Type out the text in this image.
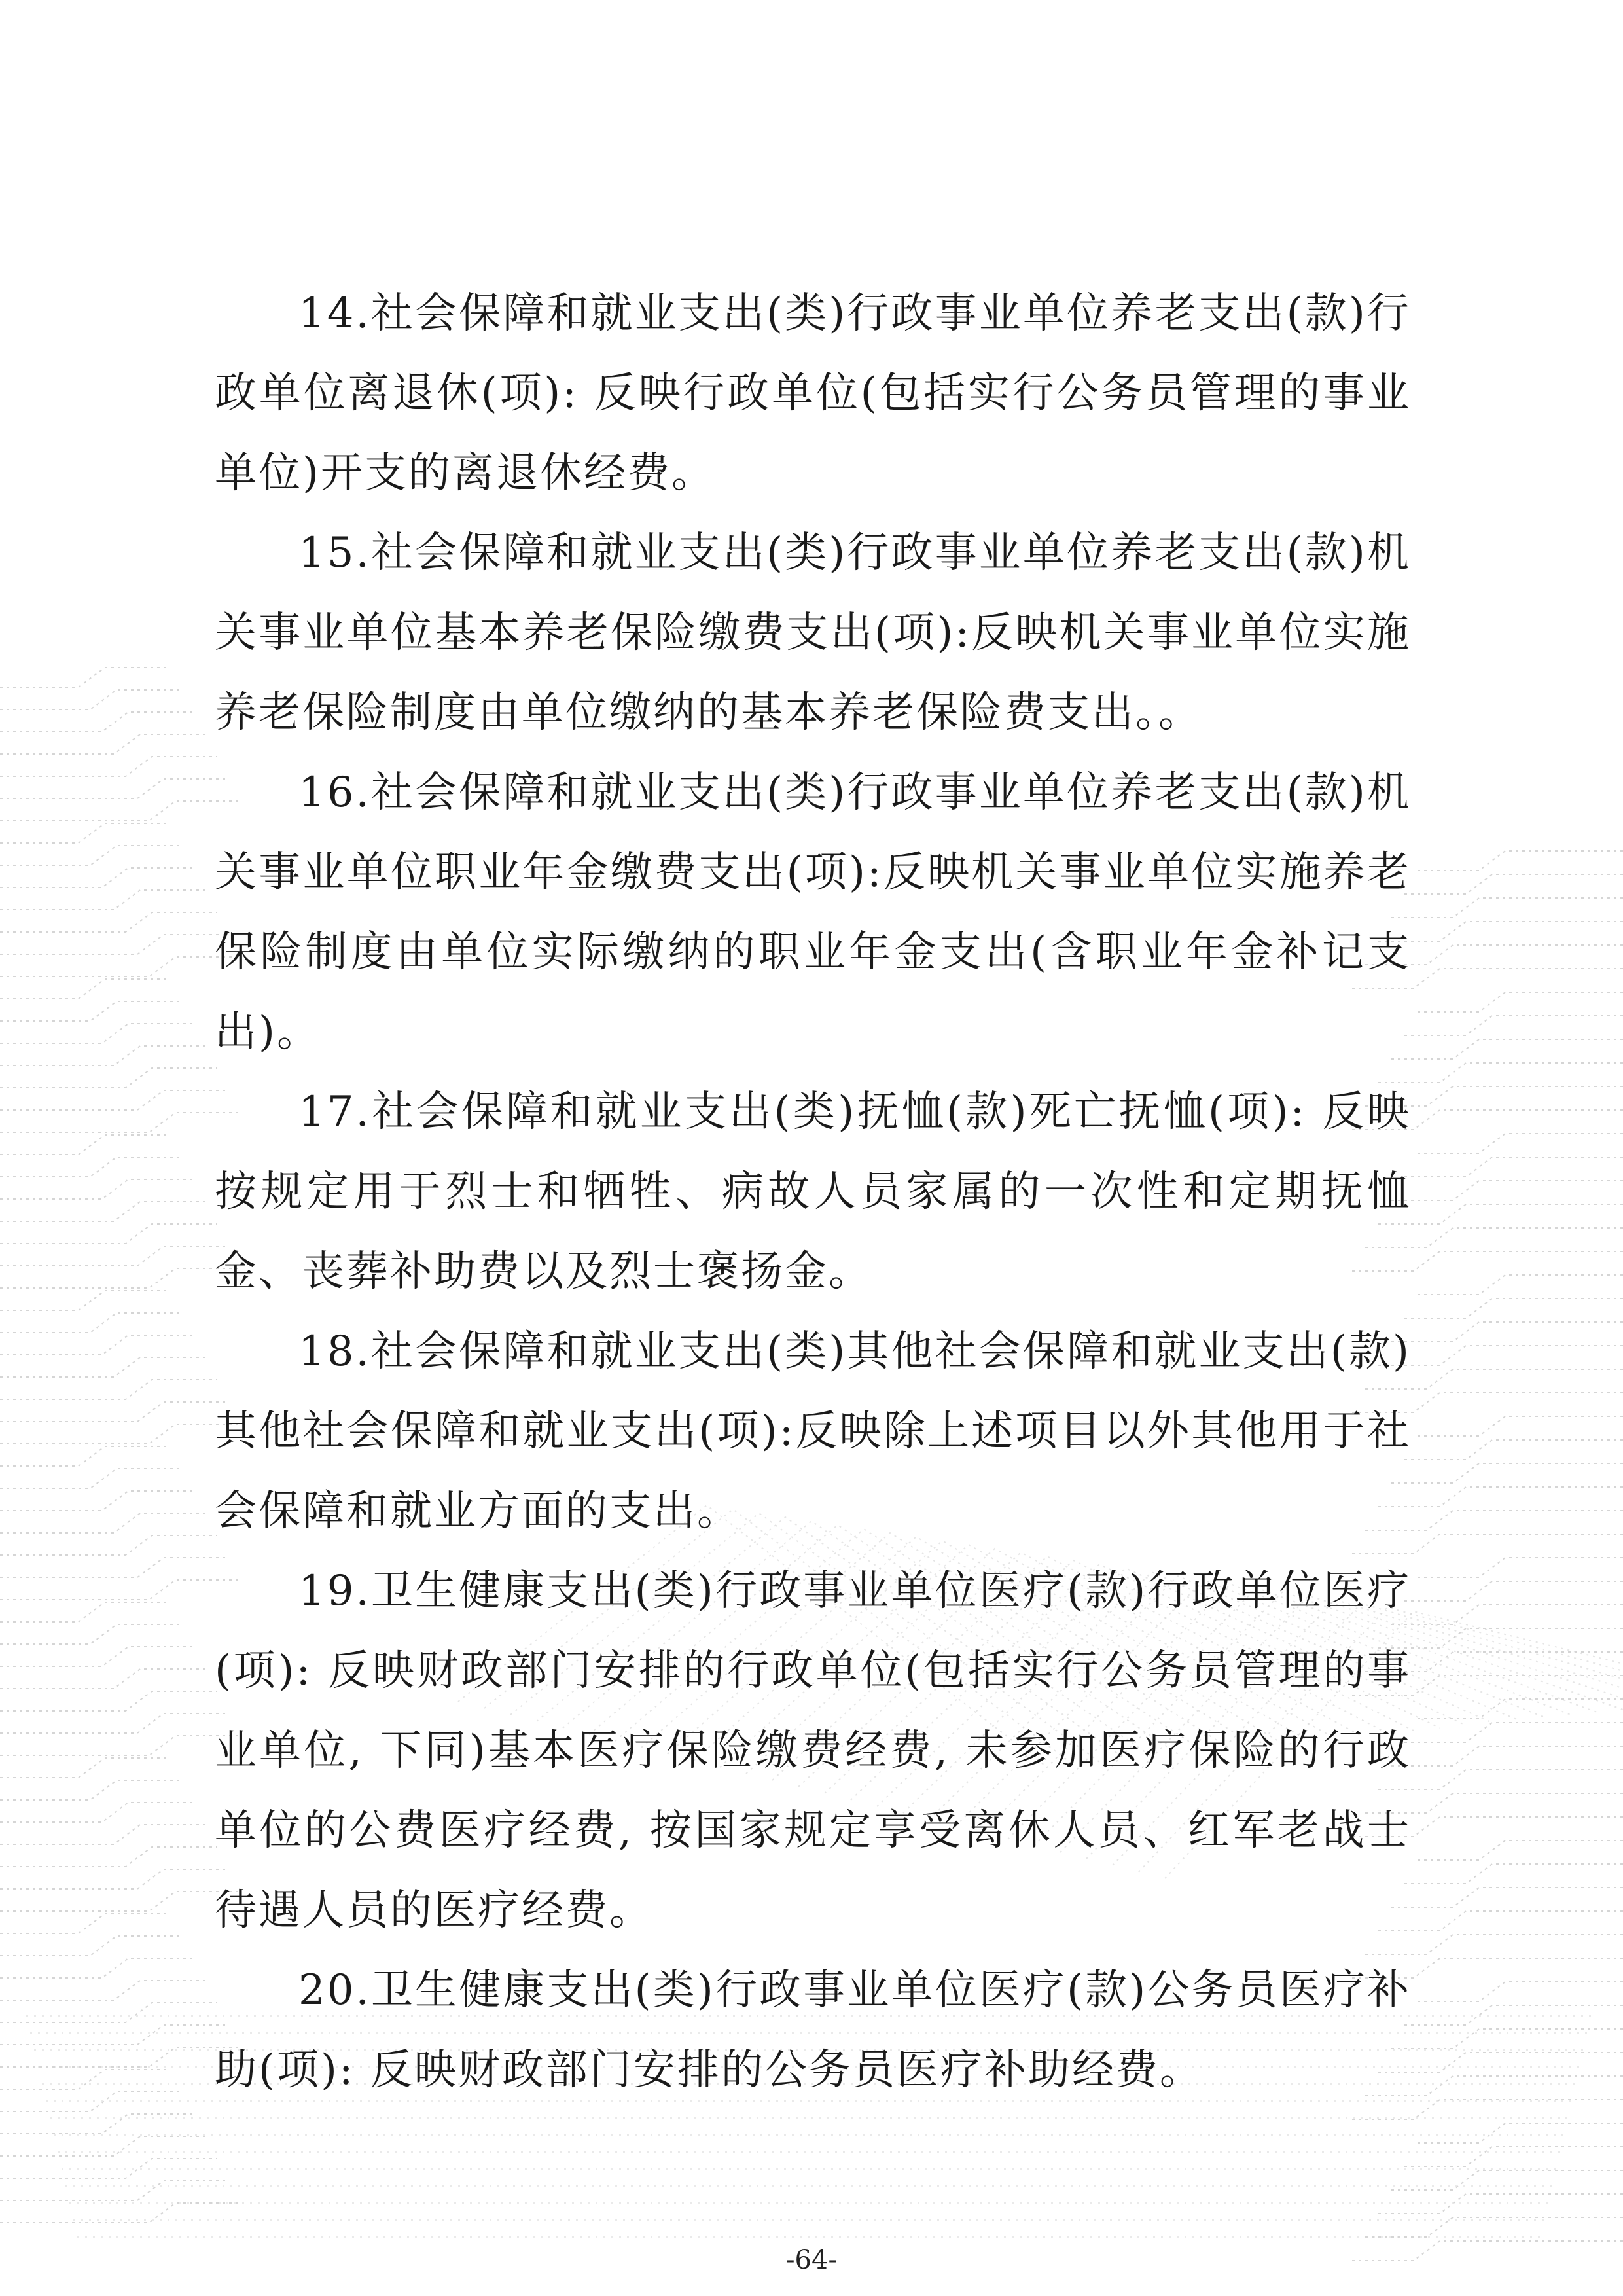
14.社会保障和就业支出(类)行政事业单位养老支出(款)行政单位离退休(项): 反映行政单位(包括实行公务员管理的事业单位)开支的离退休经费。

15.社会保障和就业支出(类)行政事业单位养老支出(款)机关事业单位基本养老保险缴费支出(项):反映机关事业单位实施养老保险制度由单位缴纳的基本养老保险费支出。。

16.社会保障和就业支出(类)行政事业单位养老支出(款)机关事业单位职业年金缴费支出(项):反映机关事业单位实施养老保险制度由单位实际缴纳的职业年金支出(含职业年金补记支出)。

17.社会保障和就业支出(类)抚恤(款)死亡抚恤(项): 反映按规定用于烈士和牺牲、病故人员家属的一次性和定期抚恤金、丧葬补助费以及烈士褒扬金。

18.社会保障和就业支出(类)其他社会保障和就业支出(款)其他社会保障和就业支出(项):反映除上述项目以外其他用于社会保障和就业方面的支出。

19.卫生健康支出(类)行政事业单位医疗(款)行政单位医疗(项): 反映财政部门安排的行政单位(包括实行公务员管理的事业单位, 下同)基本医疗保险缴费经费, 未参加医疗保险的行政单位的公费医疗经费, 按国家规定享受离休人员、红军老战士待遇人员的医疗经费。

20.卫生健康支出(类)行政事业单位医疗(款)公务员医疗补助(项): 反映财政部门安排的公务员医疗补助经费。

-64-
